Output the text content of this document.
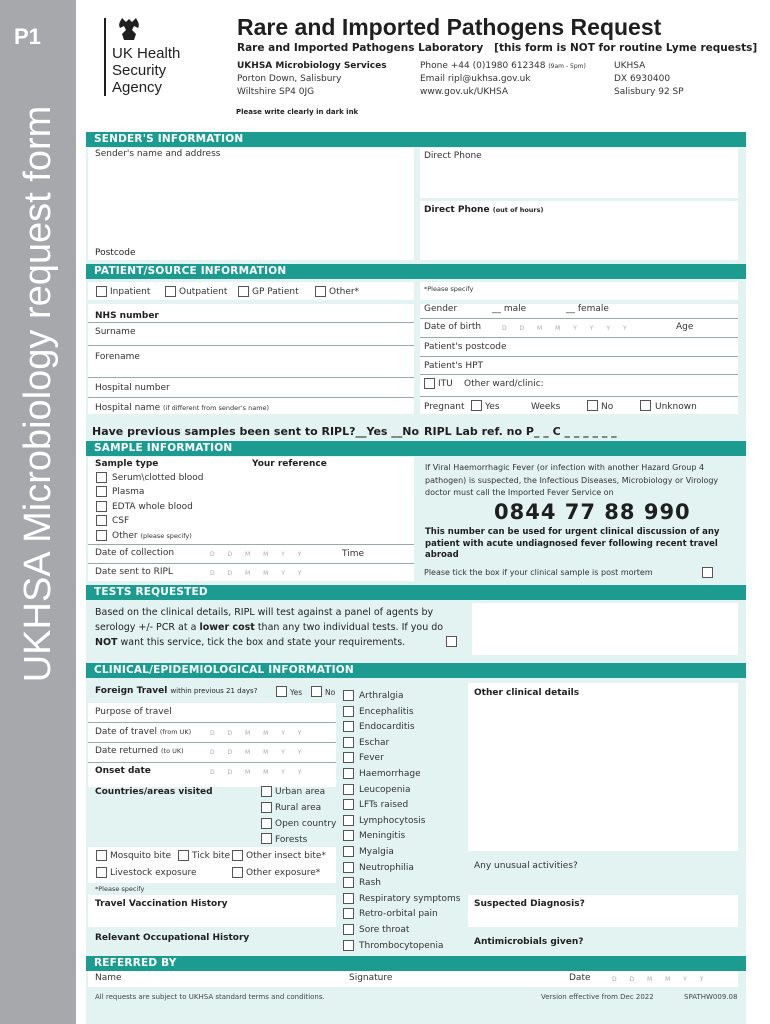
P1
UKHSA Microbiology request form
UK Health
Security
Agency
Rare and Imported Pathogens Request
Rare and Imported Pathogens Laboratory [this form is NOT for routine Lyme requests]
UKHSA Microbiology Services
Porton Down, Salisbury
Wiltshire SP4 0JG
Phone +44 (0)1980 612348 (9am - 5pm)
Email ripl@ukhsa.gov.uk
www.gov.uk/UKHSA
UKHSA
DX 6930400
Salisbury 92 SP
Please write clearly in dark ink
SENDER'S INFORMATION
Sender's name and address
Postcode
Direct Phone
Direct Phone (out of hours)
PATIENT/SOURCE INFORMATION
Inpatient	Outpatient	GP Patient	Other*	*Please specify
NHS number
Surname
Forename
Hospital number
Hospital name (if different from sender's name)
Gender	__ male	__ female
Date of birth	D D M M Y Y Y Y	Age
Patient's postcode
Patient's HPT
ITU Other ward/clinic:
Pregnant Yes	Weeks	No	Unknown
Have previous samples been sent to RIPL?__Yes __No RIPL Lab ref. no P_ _ C _ _ _ _ _ _
SAMPLE INFORMATION
Sample type	Your reference
Serum\clotted blood
Plasma
EDTA whole blood
CSF
Other (please specify)
Date of collection	D D M M Y Y	Time
Date sent to RIPL	D D M M Y Y
If Viral Haemorrhagic Fever (or infection with another Hazard Group 4 pathogen) is suspected, the Infectious Diseases, Microbiology or Virology doctor must call the Imported Fever Service on
0844 77 88 990
This number can be used for urgent clinical discussion of any patient with acute undiagnosed fever following recent travel abroad
Please tick the box if your clinical sample is post mortem
TESTS REQUESTED
Based on the clinical details, RIPL will test against a panel of agents by
serology +/- PCR at a lower cost than any two individual tests. If you do
NOT want this service, tick the box and state your requirements.
CLINICAL/EPIDEMIOLOGICAL INFORMATION
Foreign Travel within previous 21 days?	Yes	No
Purpose of travel
Date of travel (from UK)	D D M M Y Y
Date returned (to UK)	D D M M Y Y
Onset date	D D M M Y Y
Countries/areas visited	Urban area
Rural area
Open country
Forests
Mosquito bite Tick bite Other insect bite*
Livestock exposure	Other exposure*
*Please specify
Travel Vaccination History
Relevant Occupational History
Arthralgia
Encephalitis
Endocarditis
Eschar
Fever
Haemorrhage
Leucopenia
LFTs raised
Lymphocytosis
Meningitis
Myalgia
Neutrophilia
Rash
Respiratory symptoms
Retro-orbital pain
Sore throat
Thrombocytopenia
Other clinical details
Any unusual activities?
Suspected Diagnosis?
Antimicrobials given?
REFERRED BY
Name	Signature	Date	D D M M Y Y
All requests are subject to UKHSA standard terms and conditions.	Version effective from Dec 2022	SPATHW009.08
